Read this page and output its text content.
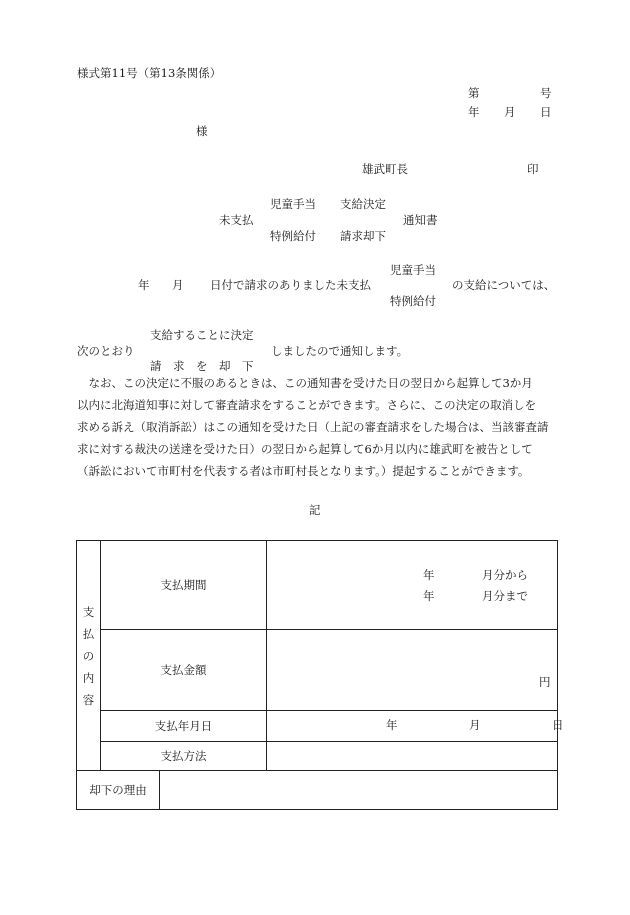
様式第11号（第13条関係）
第	号
年 月 日
様
雄武町長	印
児童手当
特例給付
支給決定
請求却下
未支払	通知書
児童手当
特例給付
年 月 日付で請求のありました未支払	の支給については、
支給することに決定
請　求　を　却　下
次のとおり	しましたので通知します。
　なお、この決定に不服のあるときは、この通知書を受けた日の翌日から起算して3か月
以内に北海道知事に対して審査請求をすることができます。さらに、この決定の取消しを
求める訴え（取消訴訟）はこの通知を受けた日（上記の審査請求をした場合は、当該審査請
求に対する裁決の送達を受けた日）の翌日から起算して6か月以内に雄武町を被告として
（訴訟において市町村を代表する者は市町村長となります。）提起することができます。
記
支
払
の
内
容	支払期間		年 月分から
年 月分まで

	支払金額		円

	支払年月日		年 月 日

	支払方法		
却下の理由			
